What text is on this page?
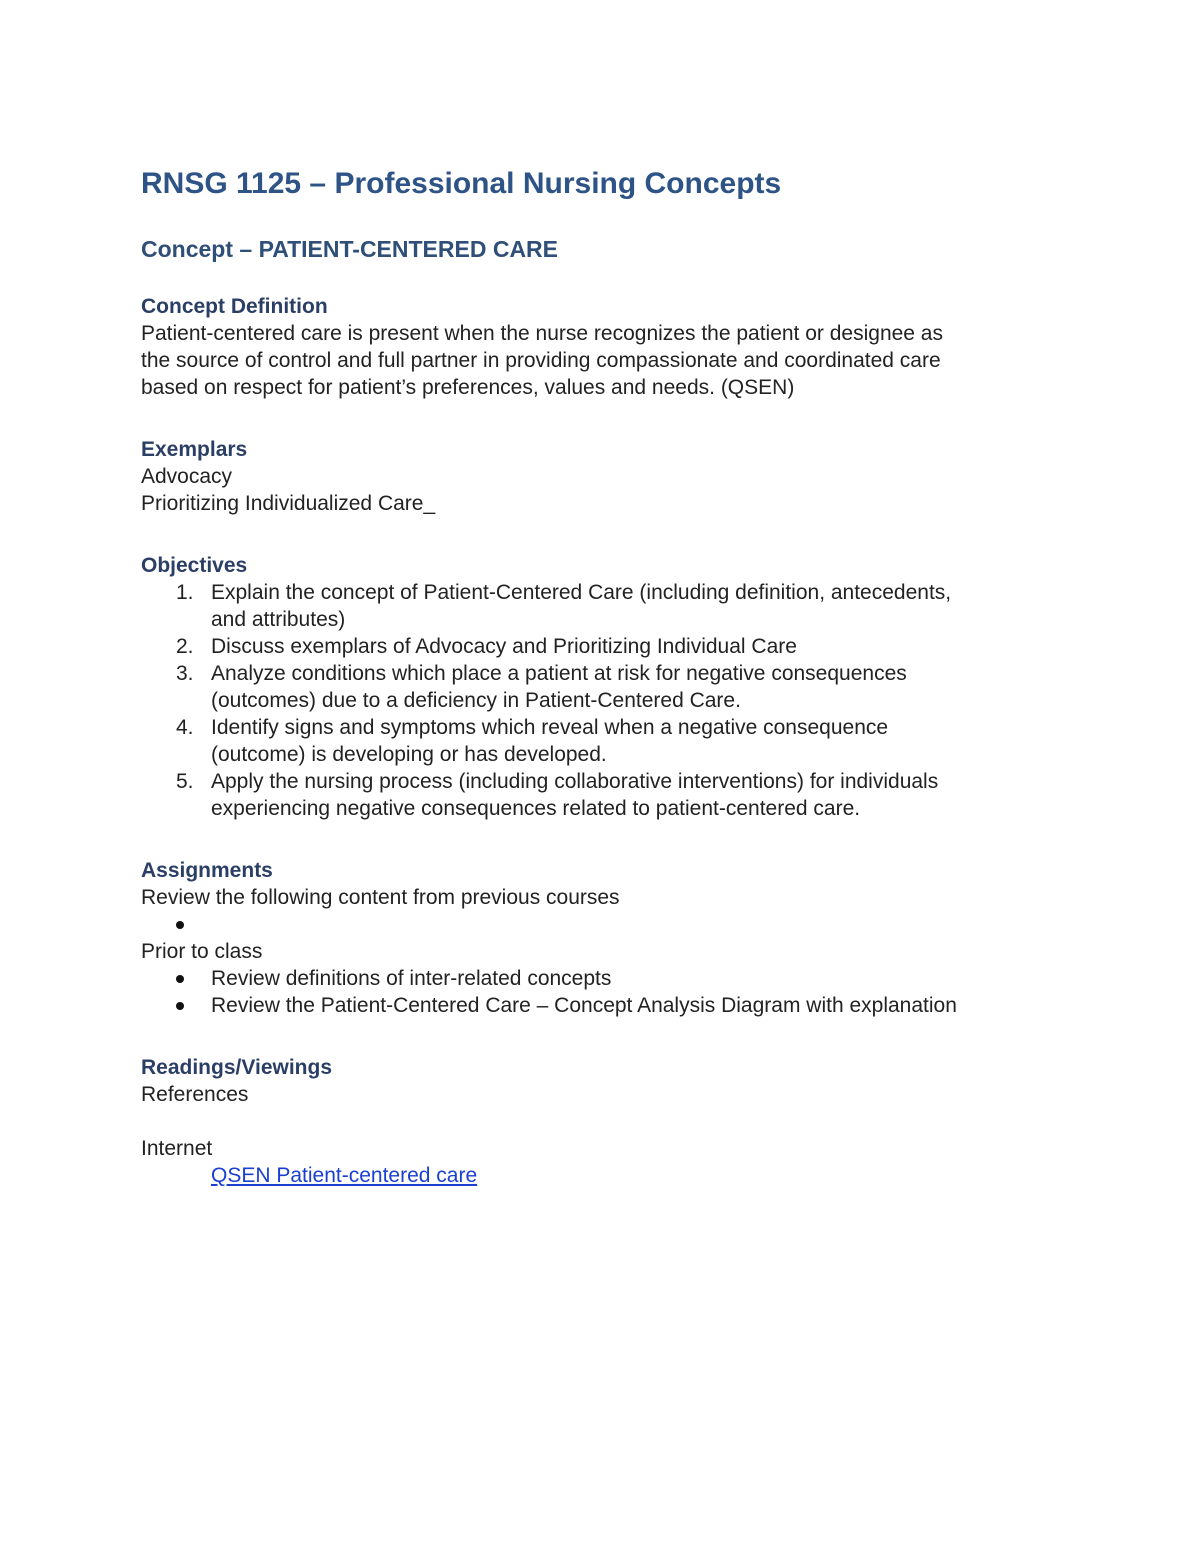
RNSG 1125 – Professional Nursing Concepts
Concept – PATIENT-CENTERED CARE
Concept Definition
Patient-centered care is present when the nurse recognizes the patient or designee as
the source of control and full partner in providing compassionate and coordinated care
based on respect for patient’s preferences, values and needs. (QSEN)
Exemplars
Advocacy
Prioritizing Individualized Care_
Objectives
1. Explain the concept of Patient-Centered Care (including definition, antecedents,
and attributes)
2. Discuss exemplars of Advocacy and Prioritizing Individual Care
3. Analyze conditions which place a patient at risk for negative consequences
(outcomes) due to a deficiency in Patient-Centered Care.
4. Identify signs and symptoms which reveal when a negative consequence
(outcome) is developing or has developed.
5. Apply the nursing process (including collaborative interventions) for individuals
experiencing negative consequences related to patient-centered care.
Assignments
Review the following content from previous courses
Prior to class
Review definitions of inter-related concepts
Review the Patient-Centered Care – Concept Analysis Diagram with explanation
Readings/Viewings
References
Internet
QSEN Patient-centered care
